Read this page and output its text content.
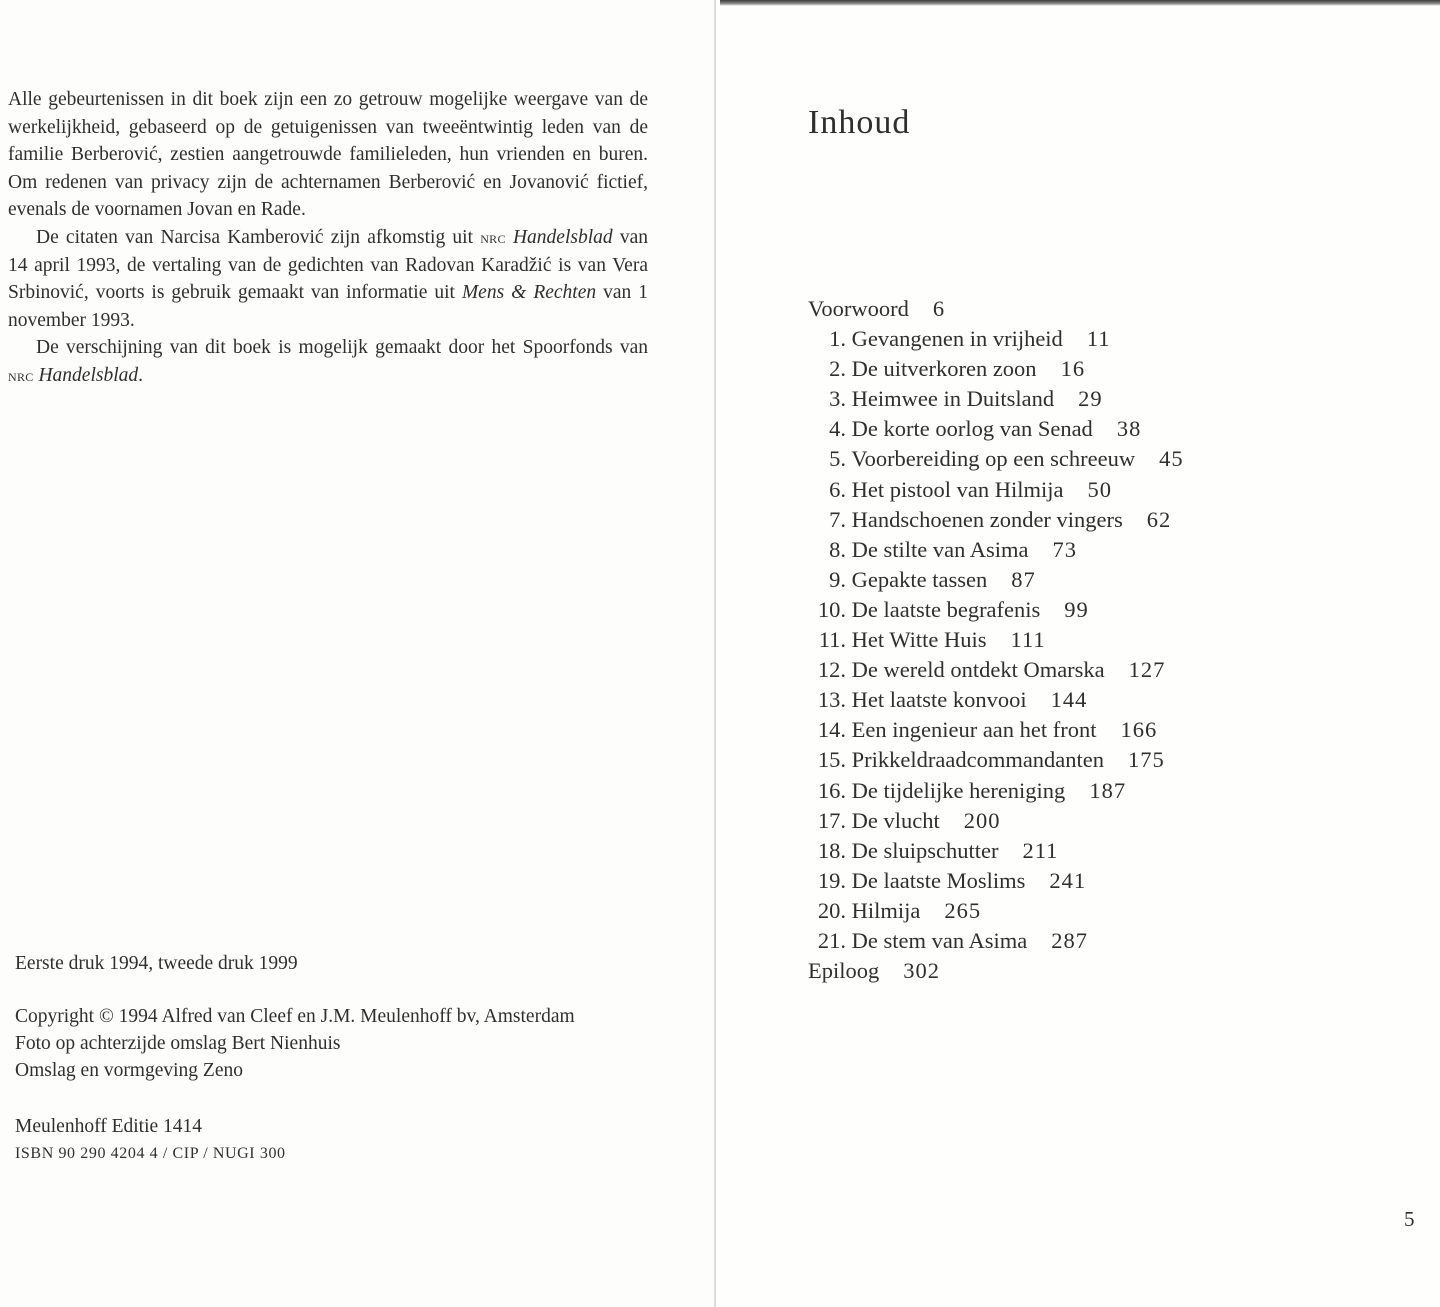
Alle gebeurtenissen in dit boek zijn een zo getrouw mogelijke weergave van de werkelijkheid, gebaseerd op de getuigenissen van tweeëntwintig leden van de familie Berberović, zestien aangetrouwde familieleden, hun vrienden en buren. Om redenen van privacy zijn de achternamen Berberović en Jovanović fictief, evenals de voornamen Jovan en Rade.

De citaten van Narcisa Kamberović zijn afkomstig uit nrc Handelsblad van 14 april 1993, de vertaling van de gedichten van Radovan Karadžić is van Vera Srbinović, voorts is gebruik gemaakt van informatie uit Mens & Rechten van 1 november 1993.

De verschijning van dit boek is mogelijk gemaakt door het Spoorfonds van nrc Handelsblad.

Eerste druk 1994, tweede druk 1999
Copyright © 1994 Alfred van Cleef en J.M. Meulenhoff bv, Amsterdam
Foto op achterzijde omslag Bert Nienhuis
Omslag en vormgeving Zeno
Meulenhoff Editie 1414
ISBN 90 290 4204 4 / CIP / NUGI 300
Inhoud
Voorwoord 6
1. Gevangenen in vrijheid 11
2. De uitverkoren zoon 16
3. Heimwee in Duitsland 29
4. De korte oorlog van Senad 38
5. Voorbereiding op een schreeuw 45
6. Het pistool van Hilmija 50
7. Handschoenen zonder vingers 62
8. De stilte van Asima 73
9. Gepakte tassen 87
10. De laatste begrafenis 99
11. Het Witte Huis 111
12. De wereld ontdekt Omarska 127
13. Het laatste konvooi 144
14. Een ingenieur aan het front 166
15. Prikkeldraadcommandanten 175
16. De tijdelijke hereniging 187
17. De vlucht 200
18. De sluipschutter 211
19. De laatste Moslims 241
20. Hilmija 265
21. De stem van Asima 287
Epiloog 302
5
